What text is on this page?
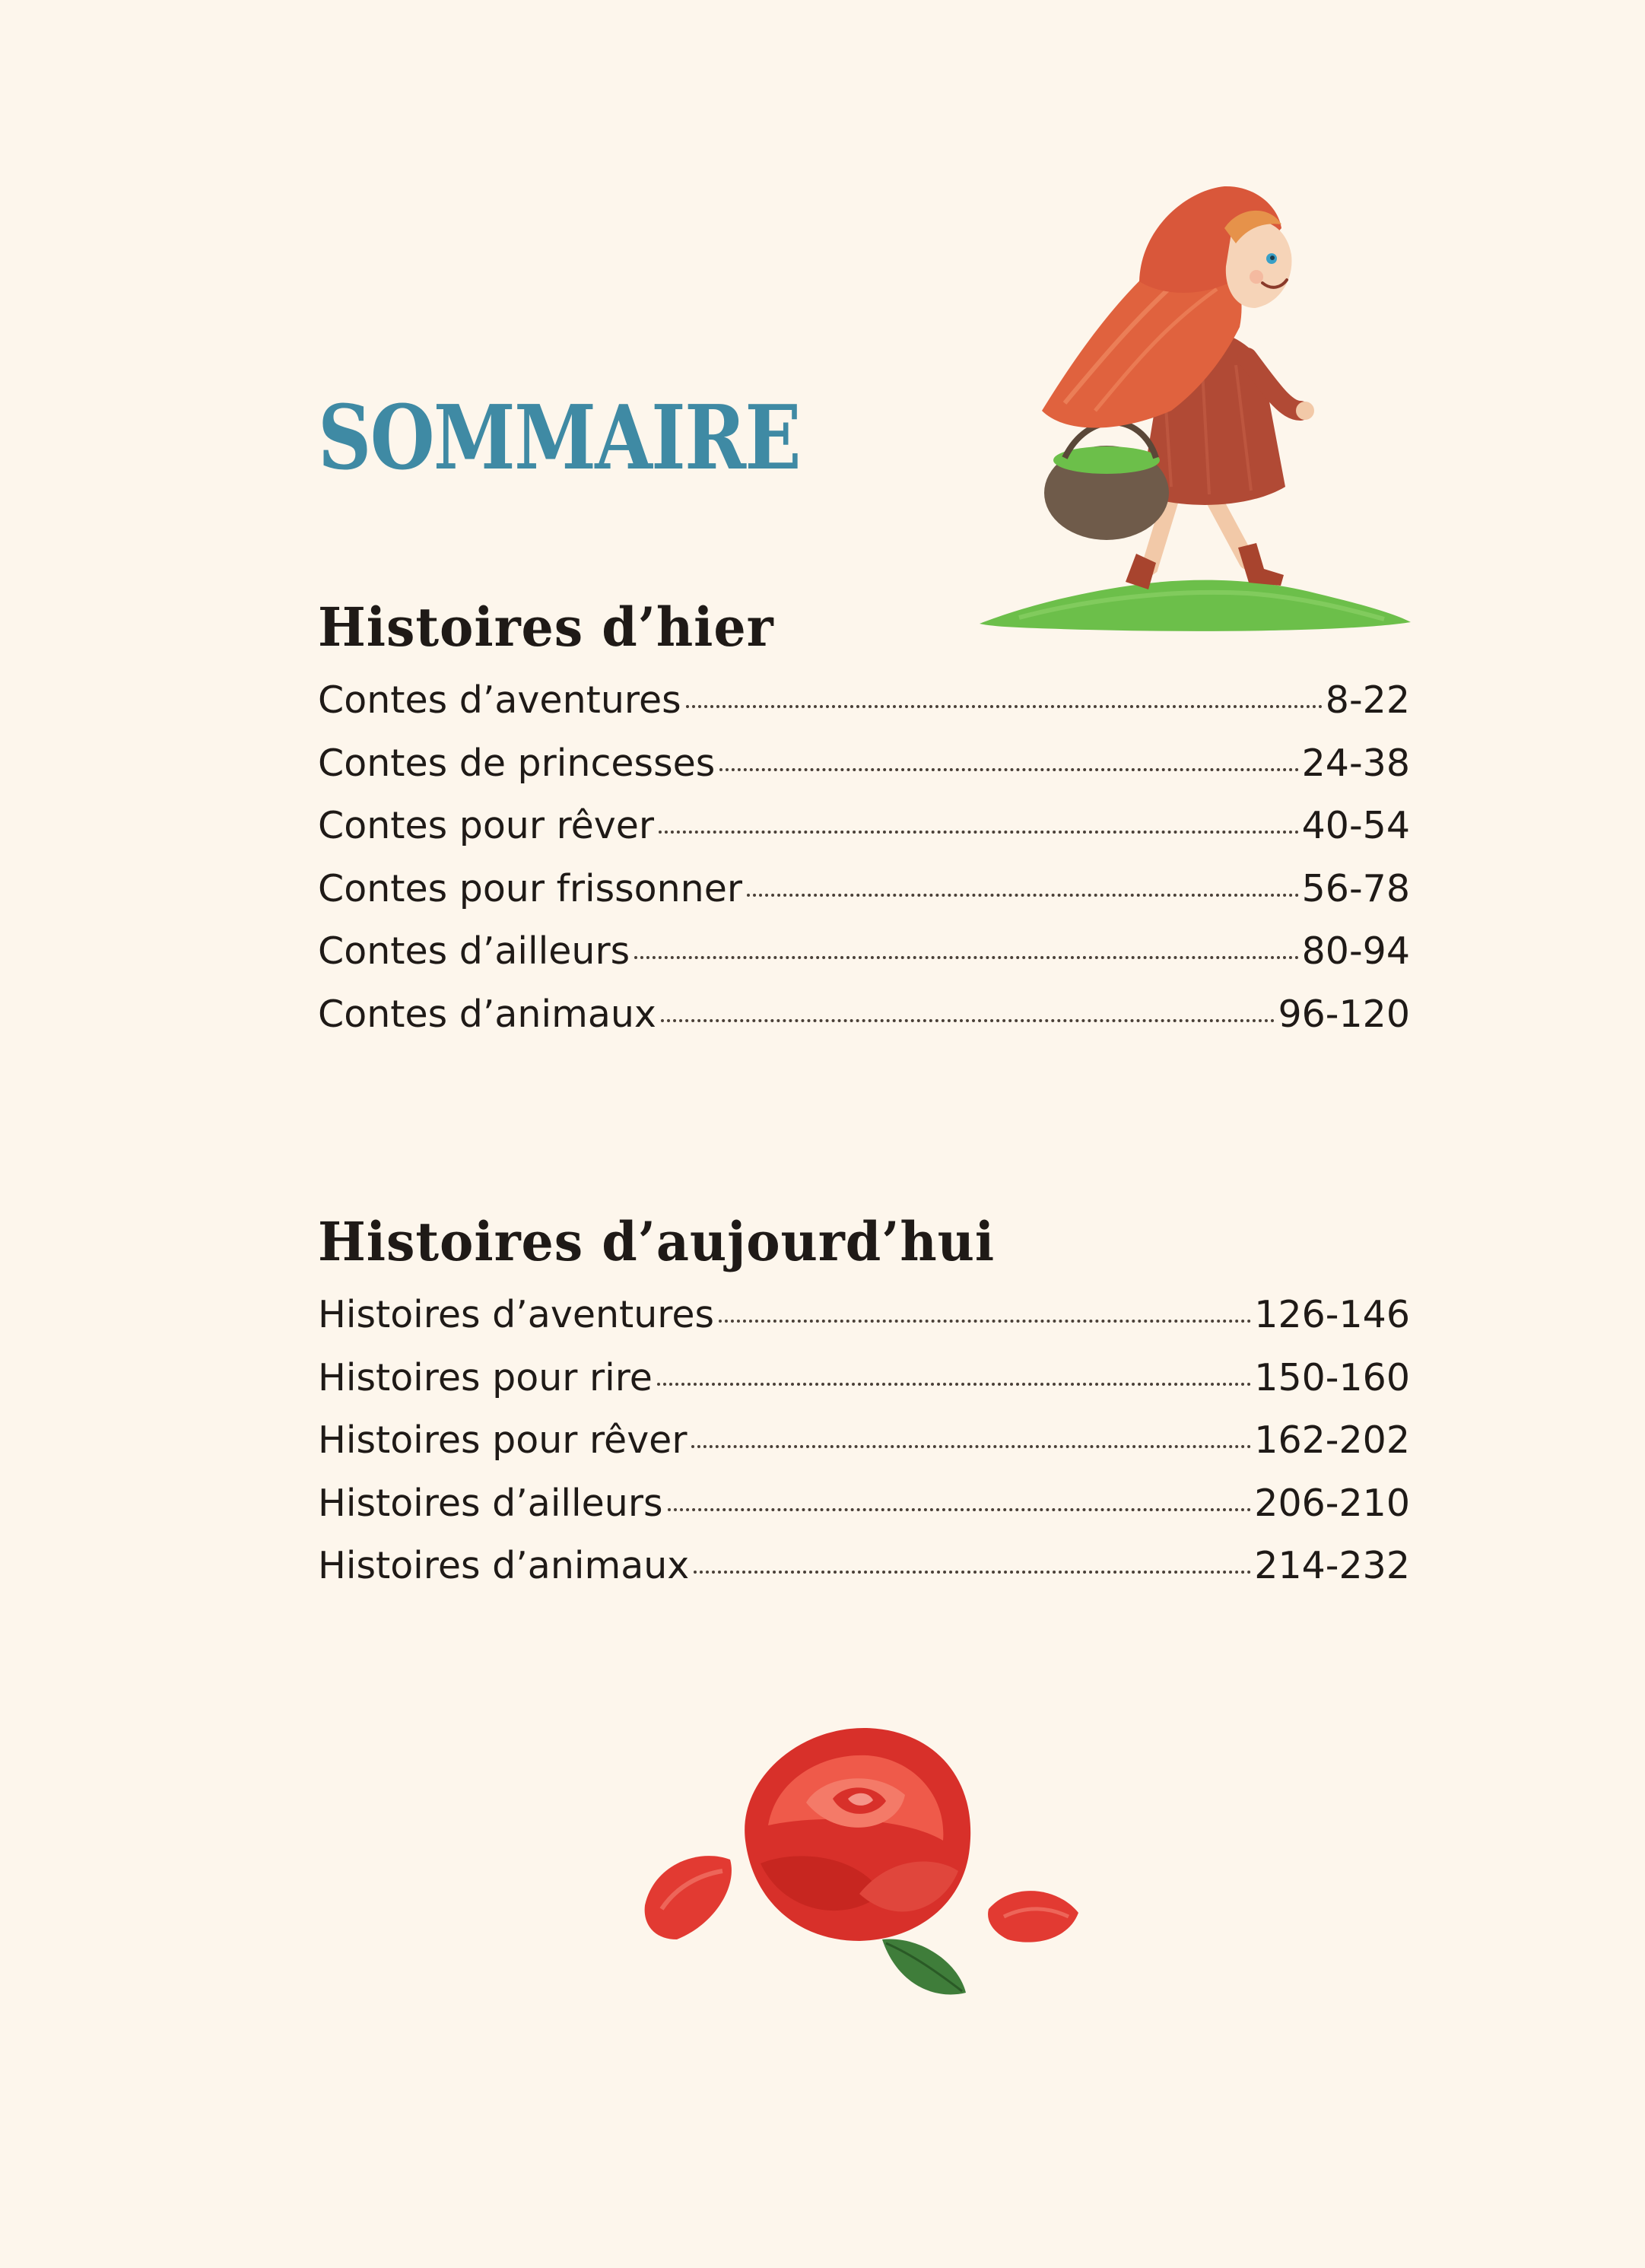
SOMMAIRE
Histoires d’hier
Contes d’aventures	8-22
Contes de princesses	24-38
Contes pour rêver	40-54
Contes pour frissonner	56-78
Contes d’ailleurs	80-94
Contes d’animaux	96-120
Histoires d’aujourd’hui
Histoires d’aventures	126-146
Histoires pour rire	150-160
Histoires pour rêver	162-202
Histoires d’ailleurs	206-210
Histoires d’animaux	214-232
